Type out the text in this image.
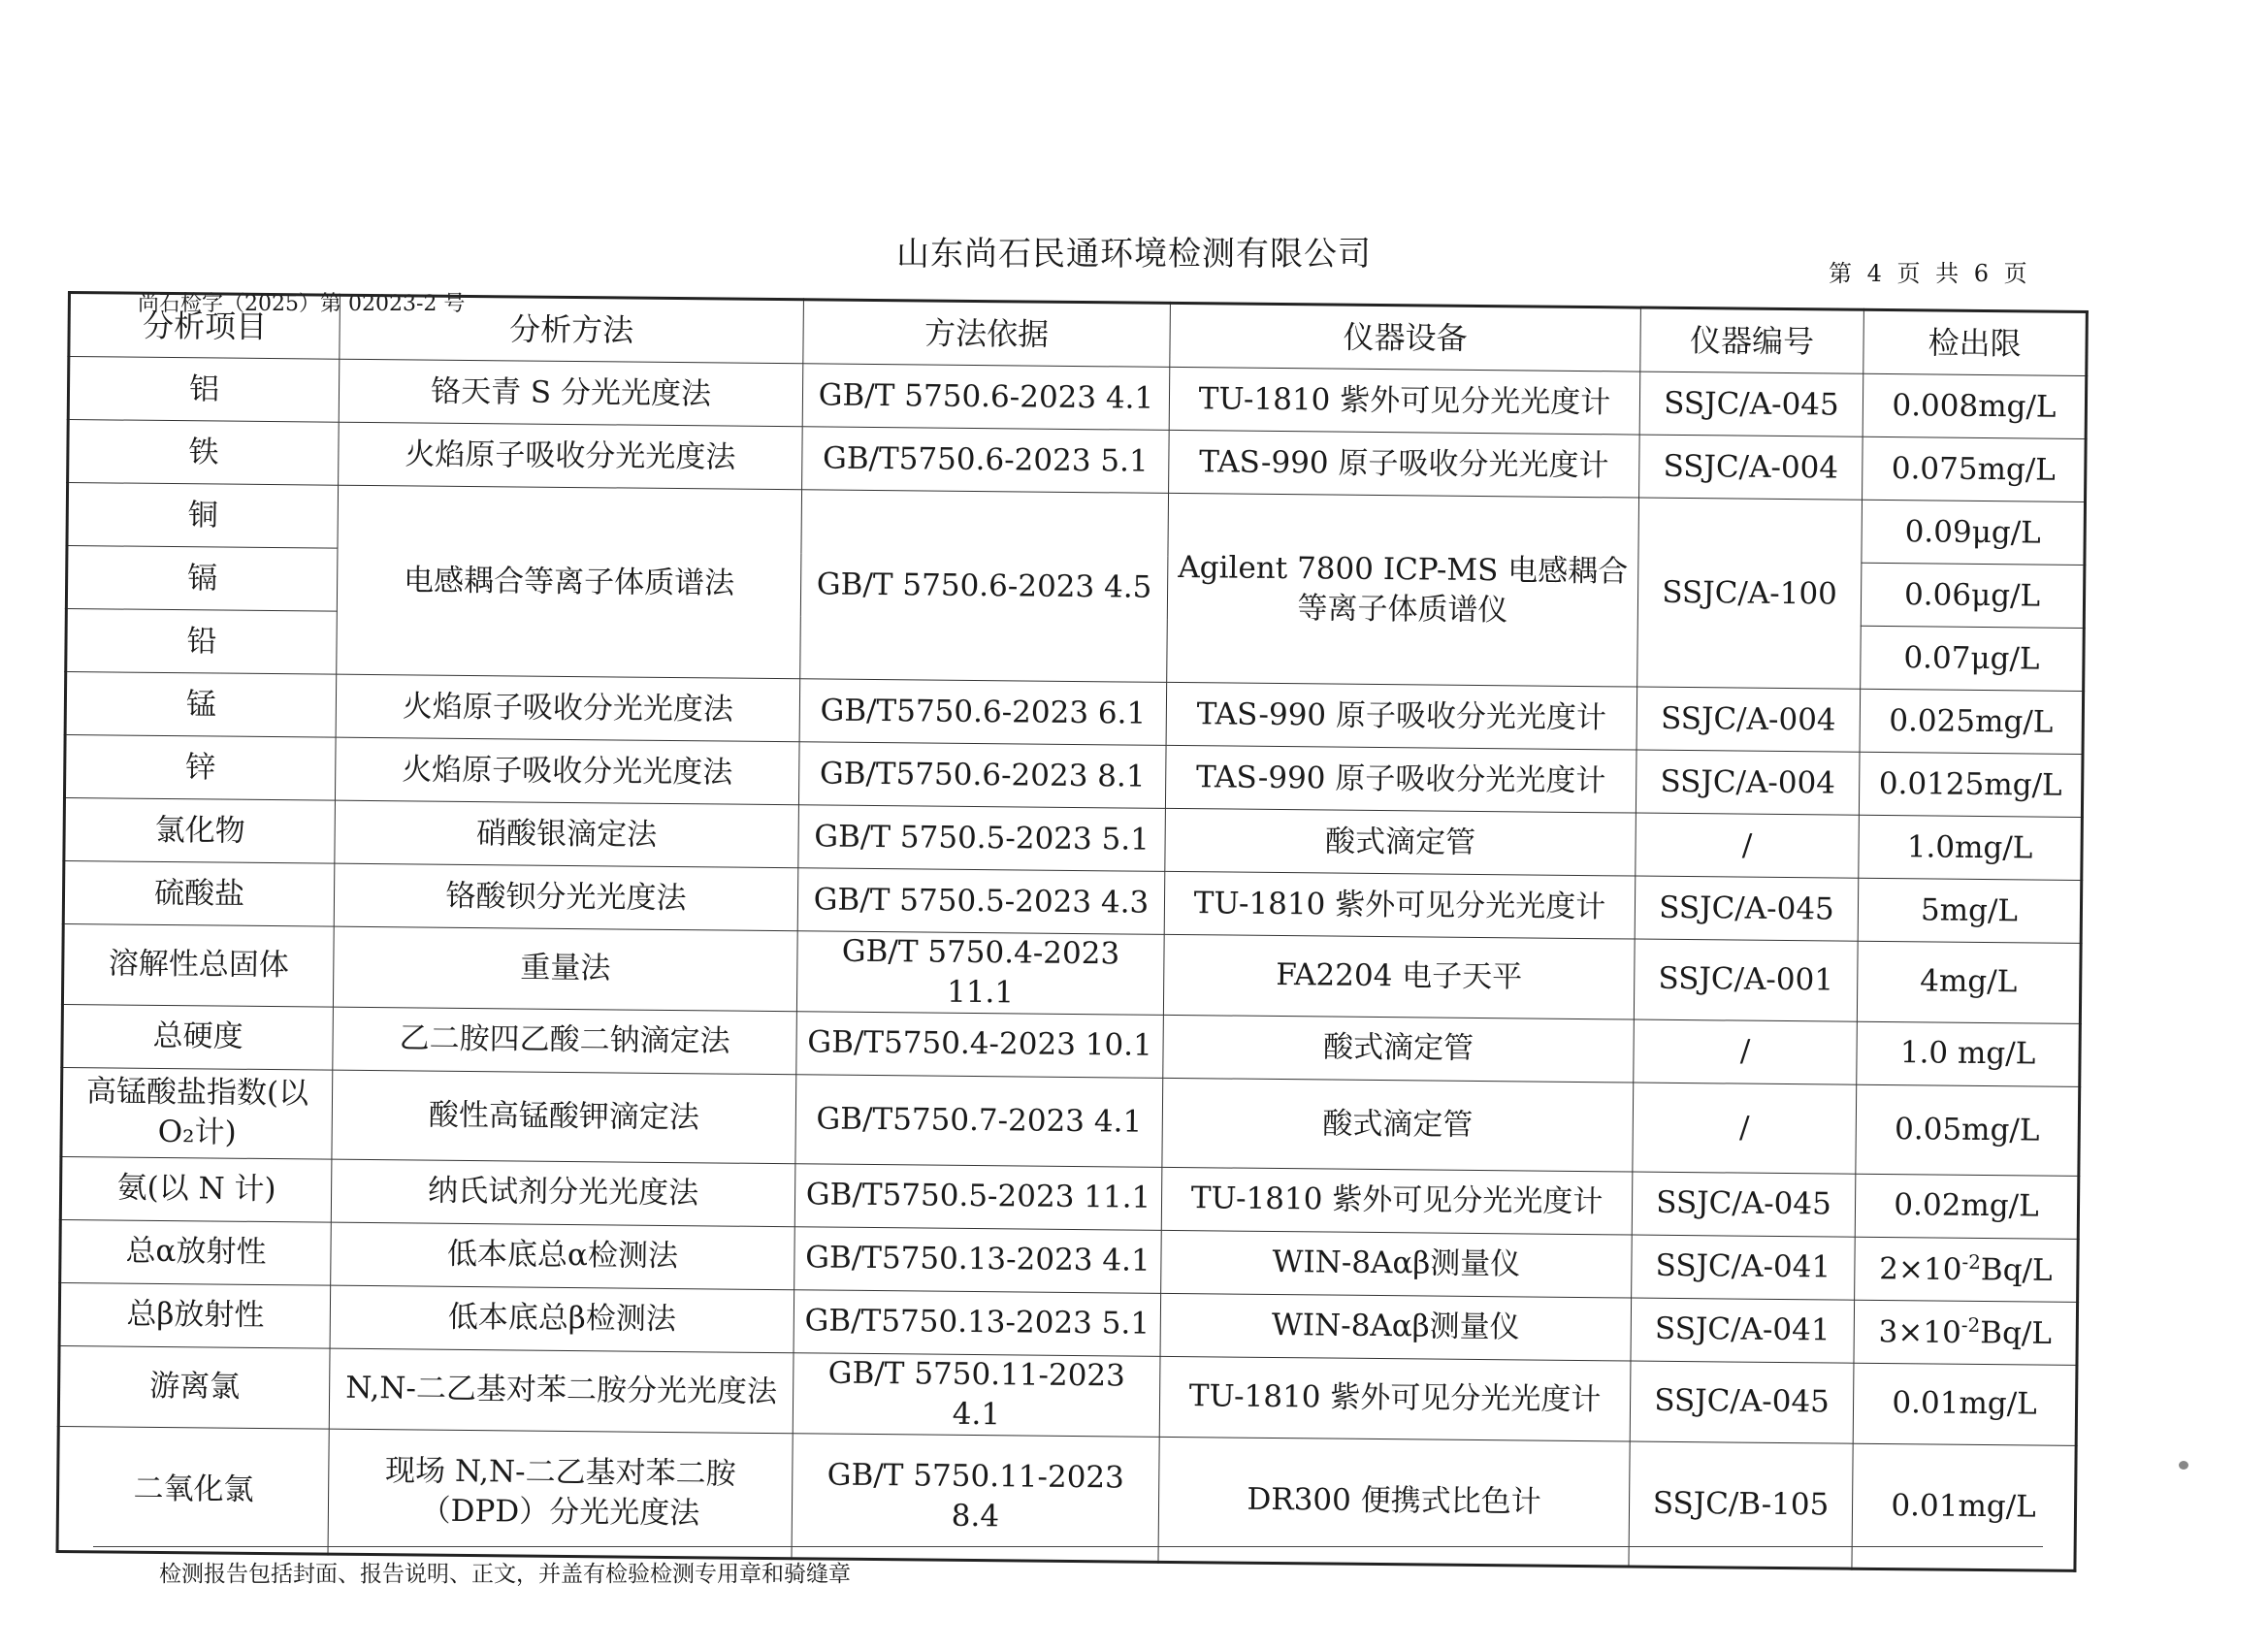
山东尚石民通环境检测有限公司	第 4 页 共 6 页
尚石检字（2025）第 02023-2 号
分析项目	分析方法	方法依据	仪器设备	仪器编号	检出限
铝	铬天青 S 分光光度法	GB/T 5750.6-2023 4.1	TU-1810 紫外可见分光光度计	SSJC/A-045	0.008mg/L
铁	火焰原子吸收分光光度法	GB/T5750.6-2023 5.1	TAS-990 原子吸收分光光度计	SSJC/A-004	0.075mg/L
铜	电感耦合等离子体质谱法	GB/T 5750.6-2023 4.5	Agilent 7800 ICP-MS 电感耦合等离子体质谱仪	SSJC/A-100	0.09μg/L
镉					0.06μg/L
铅					0.07μg/L
锰	火焰原子吸收分光光度法	GB/T5750.6-2023 6.1	TAS-990 原子吸收分光光度计	SSJC/A-004	0.025mg/L
锌	火焰原子吸收分光光度法	GB/T5750.6-2023 8.1	TAS-990 原子吸收分光光度计	SSJC/A-004	0.0125mg/L
氯化物	硝酸银滴定法	GB/T 5750.5-2023 5.1	酸式滴定管	/	1.0mg/L
硫酸盐	铬酸钡分光光度法	GB/T 5750.5-2023 4.3	TU-1810 紫外可见分光光度计	SSJC/A-045	5mg/L
溶解性总固体	重量法	GB/T 5750.4-2023 11.1	FA2204 电子天平	SSJC/A-001	4mg/L
总硬度	乙二胺四乙酸二钠滴定法	GB/T5750.4-2023 10.1	酸式滴定管	/	1.0 mg/L
高锰酸盐指数(以O₂计)	酸性高锰酸钾滴定法	GB/T5750.7-2023 4.1	酸式滴定管	/	0.05mg/L
氨(以 N 计)	纳氏试剂分光光度法	GB/T5750.5-2023 11.1	TU-1810 紫外可见分光光度计	SSJC/A-045	0.02mg/L
总α放射性	低本底总α检测法	GB/T5750.13-2023 4.1	WIN-8Aαβ测量仪	SSJC/A-041	$2\times 10^{-2}Bq/L$
总β放射性	低本底总β检测法	GB/T5750.13-2023 5.1	WIN-8Aαβ测量仪	SSJC/A-041	$3\times 10^{-2}Bq/L$
游离氯	N,N-二乙基对苯二胺分光光度法	GB/T 5750.11-2023 4.1	TU-1810 紫外可见分光光度计	SSJC/A-045	0.01mg/L
二氧化氯	现场 N,N-二乙基对苯二胺（DPD）分光光度法	GB/T 5750.11-2023 8.4	DR300 便携式比色计	SSJC/B-105	0.01mg/L
检测报告包括封面、报告说明、正文，并盖有检验检测专用章和骑缝章
